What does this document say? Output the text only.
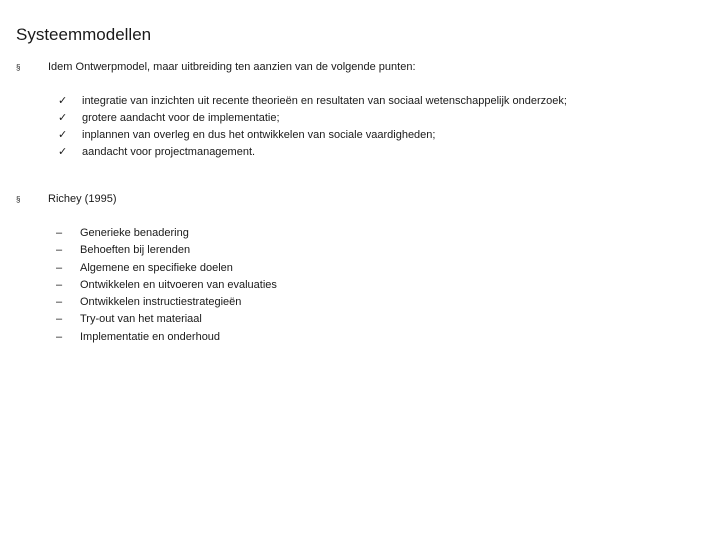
Systeemmodellen
§	Idem Ontwerpmodel, maar uitbreiding ten aanzien van de volgende punten:
✓ integratie van inzichten uit recente theorieën en resultaten van sociaal wetenschappelijk onderzoek;
✓ grotere aandacht voor de implementatie;
✓ inplannen van overleg en dus het ontwikkelen van sociale vaardigheden;
✓ aandacht voor projectmanagement.
§	Richey (1995)
– Generieke benadering
– Behoeften bij lerenden
– Algemene en specifieke doelen
– Ontwikkelen en uitvoeren van evaluaties
– Ontwikkelen instructiestrategieën
– Try-out van het materiaal
– Implementatie en onderhoud
